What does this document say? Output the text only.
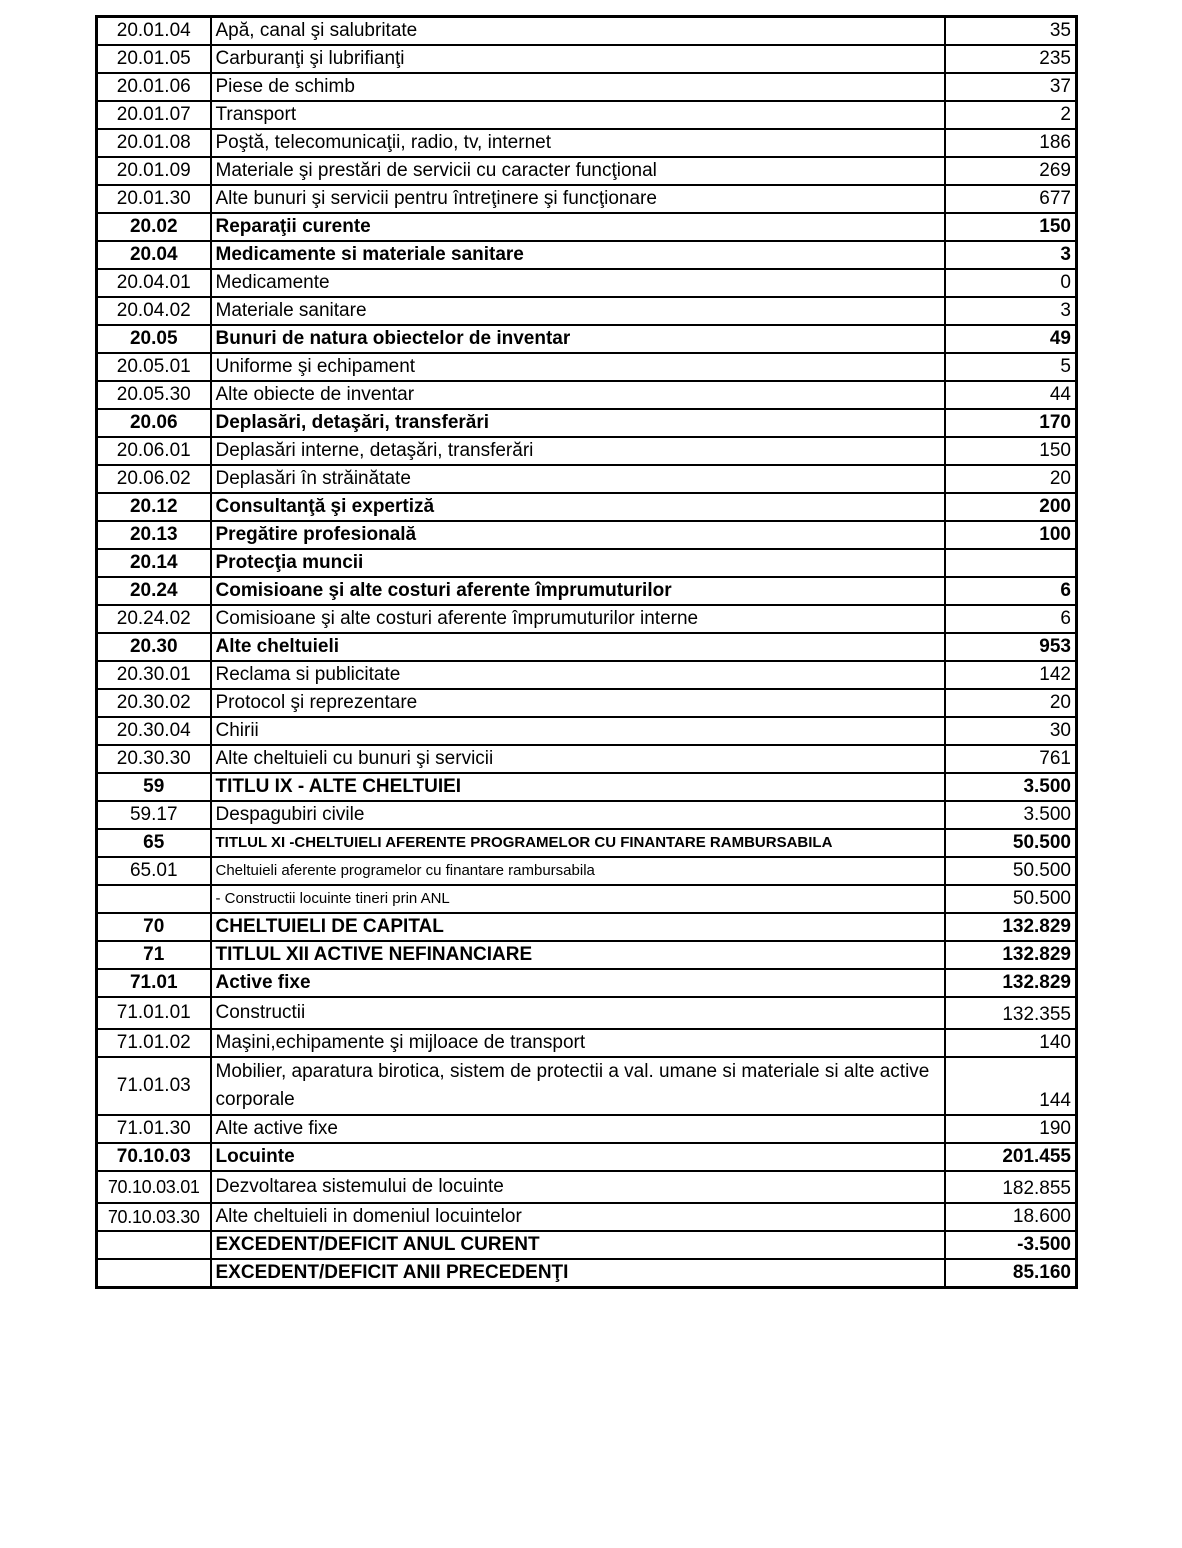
20.01.04	Apă, canal şi salubritate	35
20.01.05	Carburanţi şi lubrifianţi	235
20.01.06	Piese de schimb	37
20.01.07	Transport	2
20.01.08	Poştă, telecomunicaţii, radio, tv, internet	186
20.01.09	Materiale şi prestări de servicii cu caracter funcţional	269
20.01.30	Alte bunuri şi servicii pentru întreţinere şi funcţionare	677
20.02	Reparaţii curente	150
20.04	Medicamente si materiale sanitare	3
20.04.01	Medicamente	0
20.04.02	Materiale sanitare	3
20.05	Bunuri de natura obiectelor de inventar	49
20.05.01	Uniforme şi echipament	5
20.05.30	Alte obiecte de inventar	44
20.06	Deplasări, detaşări, transferări	170
20.06.01	Deplasări interne, detaşări, transferări	150
20.06.02	Deplasări în străinătate	20
20.12	Consultanţă şi expertiză	200
20.13	Pregătire profesională	100
20.14	Protecţia muncii	
20.24	Comisioane şi alte costuri aferente împrumuturilor	6
20.24.02	Comisioane şi alte costuri aferente împrumuturilor interne	6
20.30	Alte cheltuieli	953
20.30.01	Reclama si publicitate	142
20.30.02	Protocol şi reprezentare	20
20.30.04	Chirii	30
20.30.30	Alte cheltuieli cu bunuri şi servicii	761
59	TITLU IX - ALTE CHELTUIEI	3.500
59.17	Despagubiri civile	3.500
65	TITLUL XI -CHELTUIELI AFERENTE PROGRAMELOR CU FINANTARE RAMBURSABILA	50.500
65.01	Cheltuieli aferente programelor cu finantare rambursabila	50.500
	- Constructii locuinte tineri prin ANL	50.500
70	CHELTUIELI DE CAPITAL	132.829
71	TITLUL XII ACTIVE NEFINANCIARE	132.829
71.01	Active fixe	132.829
71.01.01	Constructii	132.355
71.01.02	Maşini,echipamente şi mijloace de transport	140
71.01.03	Mobilier, aparatura birotica, sistem de protectii a val. umane si materiale si alte active corporale	144
71.01.30	Alte active fixe	190
70.10.03	Locuinte	201.455
70.10.03.01	Dezvoltarea sistemului de locuinte	182.855
70.10.03.30	Alte cheltuieli in domeniul locuintelor	18.600
	EXCEDENT/DEFICIT ANUL CURENT	-3.500
	EXCEDENT/DEFICIT ANII PRECEDENŢI	85.160
